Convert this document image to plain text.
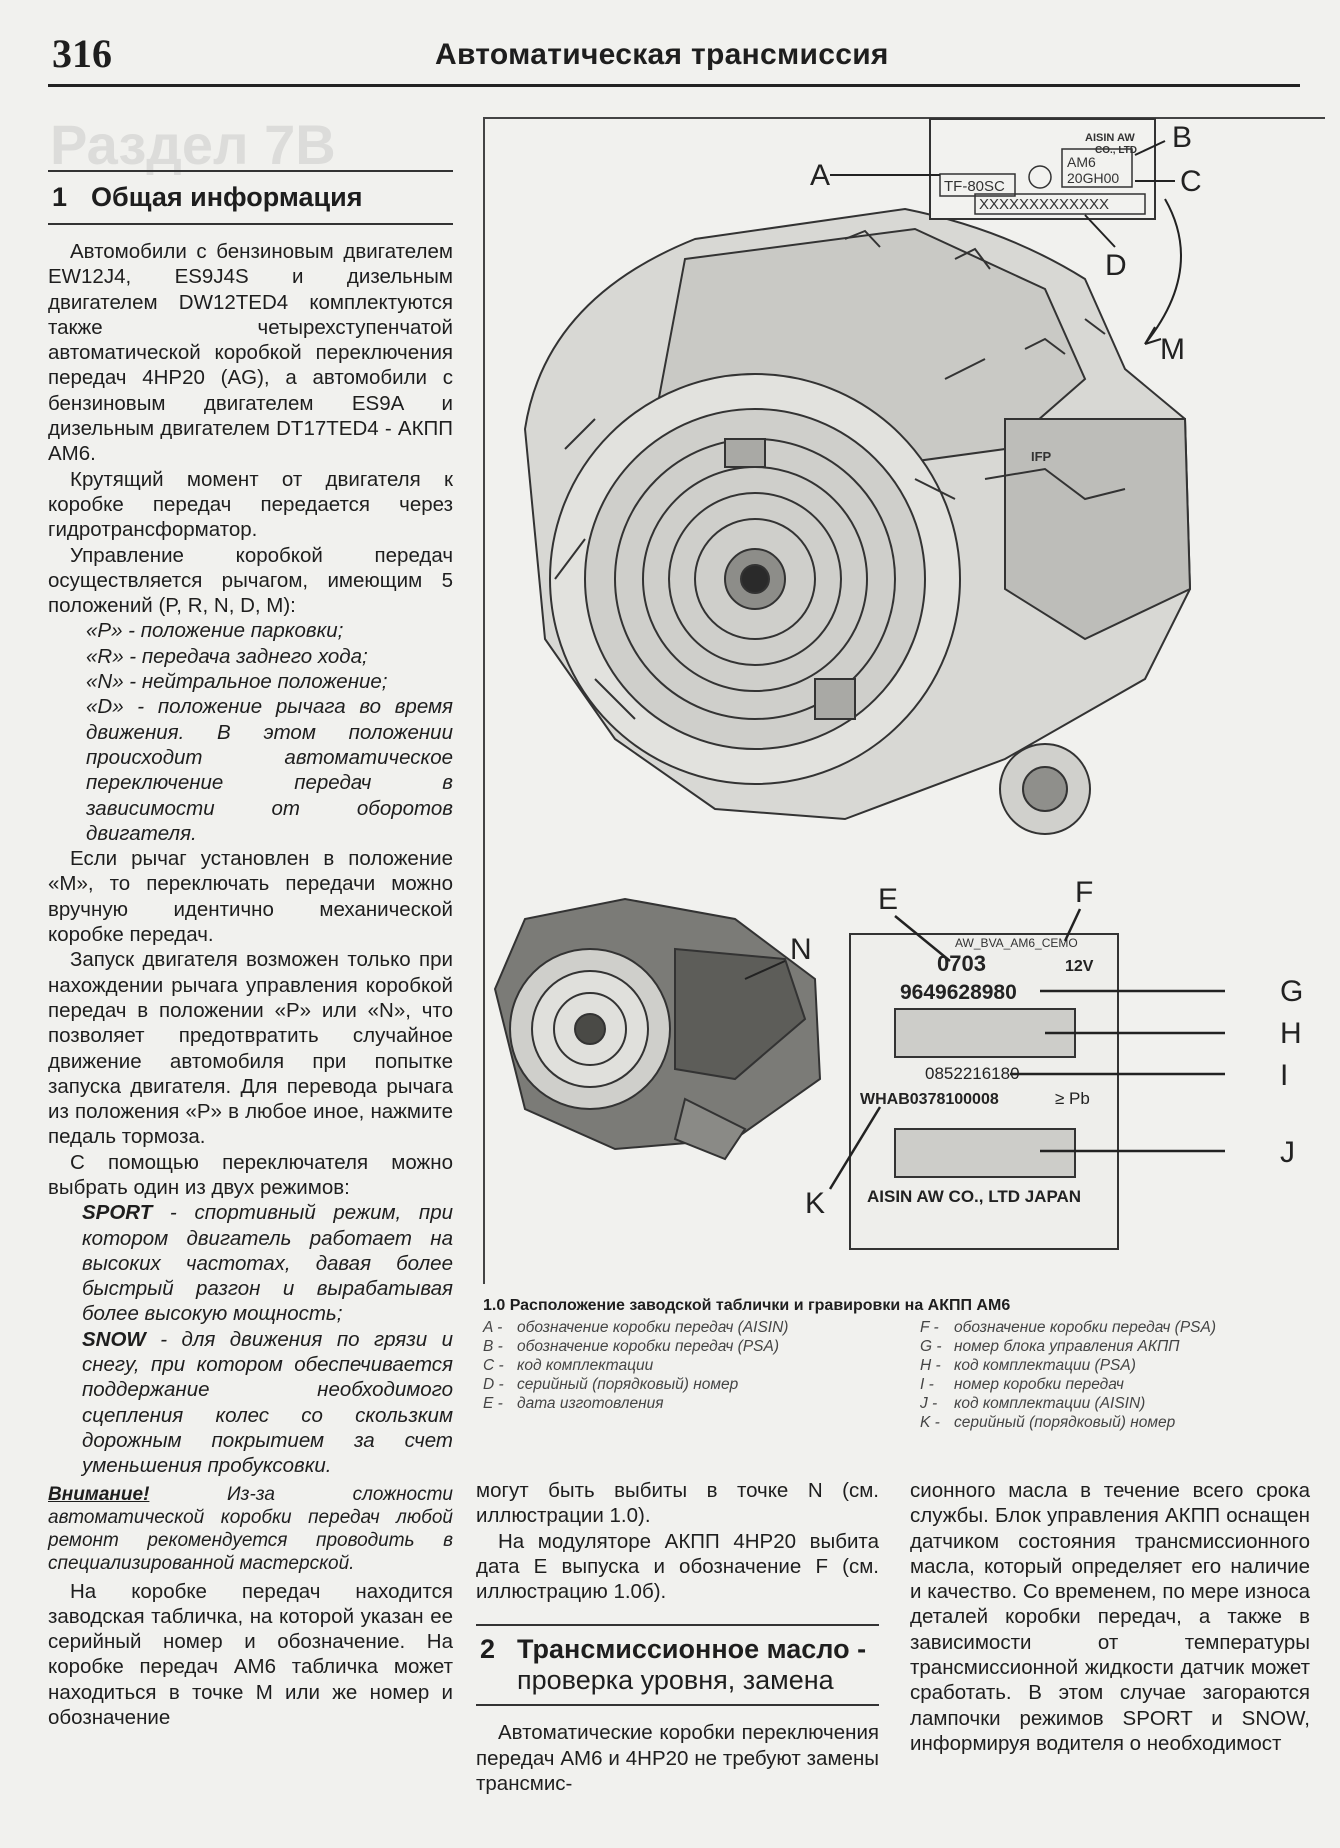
316	Автоматическая трансмиссия
Раздел 7В
1 Общая информация

Автомобили с бензиновым двигателем EW12J4, ES9J4S и дизельным двигателем DW12TED4 комплектуются также четырехступенчатой автоматической коробкой переключения передач 4HP20 (AG), а автомобили с бензиновым двигателем ES9A и дизельным двигателем DT17TED4 - АКПП AM6.

Крутящий момент от двигателя к коробке передач передается через гидротрансформатор.

Управление коробкой передач осуществляется рычагом, имеющим 5 положений (P, R, N, D, M):

«P» - положение парковки;

«R» - передача заднего хода;

«N» - нейтральное положение;

«D» - положение рычага во время движения. В этом положении происходит автоматическое переключение передач в зависимости от оборотов двигателя.

Если рычаг установлен в положение «M», то переключать передачи можно вручную идентично механической коробке передач.

Запуск двигателя возможен только при нахождении рычага управления коробкой передач в положении «P» или «N», что позволяет предотвратить случайное движение автомобиля при попытке запуска двигателя. Для перевода рычага из положения «P» в любое иное, нажмите педаль тормоза.

С помощью переключателя можно выбрать один из двух режимов:

SPORT - спортивный режим, при котором двигатель работает на высоких частотах, давая более быстрый разгон и вырабатывая более высокую мощность;

SNOW - для движения по грязи и снегу, при котором обеспечивается поддержание необходимого сцепления колес со скользким дорожным покрытием за счет уменьшения пробуксовки.

Внимание! Из-за сложности автоматической коробки передач любой ремонт рекомендуется проводить в специализированной мастерской.

На коробке передач находится заводская табличка, на которой указан ее серийный номер и обозначение. На коробке передач AM6 табличка может находиться в точке M или же номер и обозначение

IFP
TF-80SC
AISIN AW
CO., LTD
AM6
20GH00
XXXXXXXXXXXXX
A
B
C
D
M
N	AW_BVA_AM6_CEMO
0703	12V
9649628980
0852216180
WHAB0378100008	≥ Pb
AISIN AW CO., LTD JAPAN
E	F
G
H
I
J
K
1.0 Расположение заводской таблички и гравировки на АКПП AM6
A - обозначение коробки передач (AISIN)
B - обозначение коробки передач (PSA)
C - код комплектации
D - серийный (порядковый) номер
E - дата изготовления
F - обозначение коробки передач (PSA)
G - номер блока управления АКПП
H - код комплектации (PSA)
I -	номер коробки передач
J -	код комплектации (AISIN)
K - серийный (порядковый) номер

могут быть выбиты в точке N (см. иллюстрации 1.0).

На модуляторе АКПП 4HP20 выбита дата E выпуска и обозначение F (см. иллюстрацию 1.0б).

2 Трансмиссионное масло - проверка уровня, замена

Автоматические коробки переключения передач AM6 и 4HP20 не требуют замены трансмис-

сионного масла в течение всего срока службы. Блок управления АКПП оснащен датчиком состояния трансмиссионного масла, который определяет его наличие и качество. Со временем, по мере износа деталей коробки передач, а также в зависимости от температуры трансмиссионной жидкости датчик может сработать. В этом случае загораются лампочки режимов SPORT и SNOW, информируя водителя о необходимост
